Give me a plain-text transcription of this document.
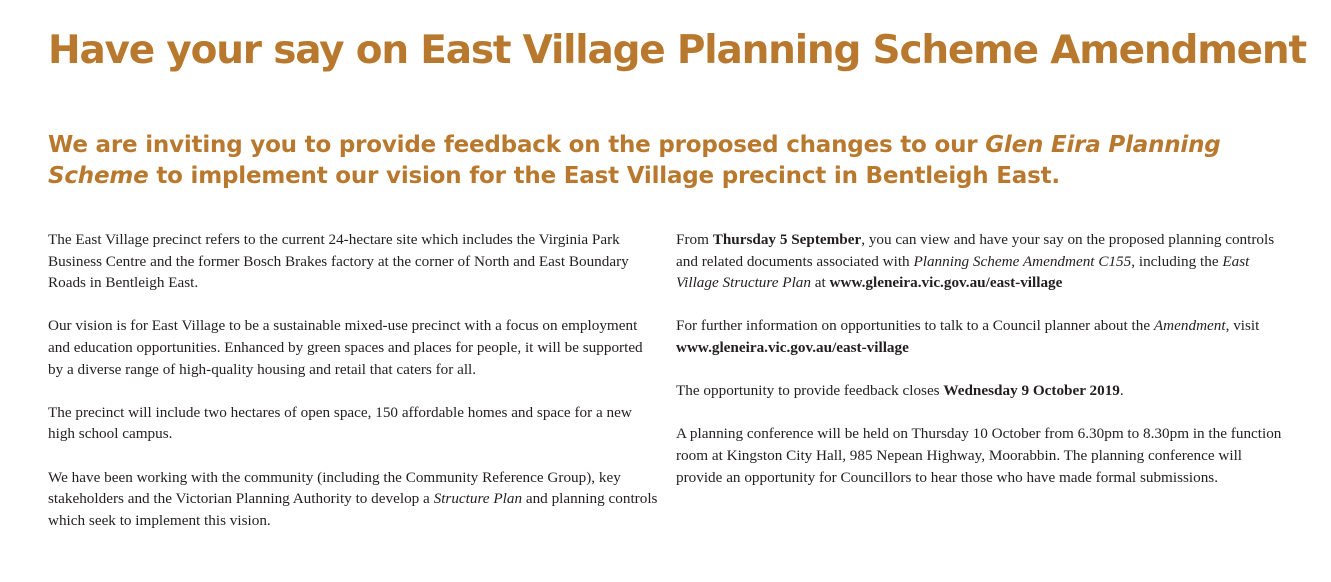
Have your say on East Village Planning Scheme Amendment
We are inviting you to provide feedback on the proposed changes to our Glen Eira Planning Scheme to implement our vision for the East Village precinct in Bentleigh East.

The East Village precinct refers to the current 24-hectare site which includes the Virginia Park Business Centre and the former Bosch Brakes factory at the corner of North and East Boundary Roads in Bentleigh East.

Our vision is for East Village to be a sustainable mixed-use precinct with a focus on employment and education opportunities. Enhanced by green spaces and places for people, it will be supported by a diverse range of high-quality housing and retail that caters for all.

The precinct will include two hectares of open space, 150 affordable homes and space for a new high school campus.

We have been working with the community (including the Community Reference Group), key stakeholders and the Victorian Planning Authority to develop a Structure Plan and planning controls which seek to implement this vision.

From Thursday 5 September, you can view and have your say on the proposed planning controls and related documents associated with Planning Scheme Amendment C155, including the East Village Structure Plan at www.gleneira.vic.gov.au/east-village

For further information on opportunities to talk to a Council planner about the Amendment, visit www.gleneira.vic.gov.au/east-village

The opportunity to provide feedback closes Wednesday 9 October 2019.

A planning conference will be held on Thursday 10 October from 6.30pm to 8.30pm in the function room at Kingston City Hall, 985 Nepean Highway, Moorabbin. The planning conference will provide an opportunity for Councillors to hear those who have made formal submissions.
